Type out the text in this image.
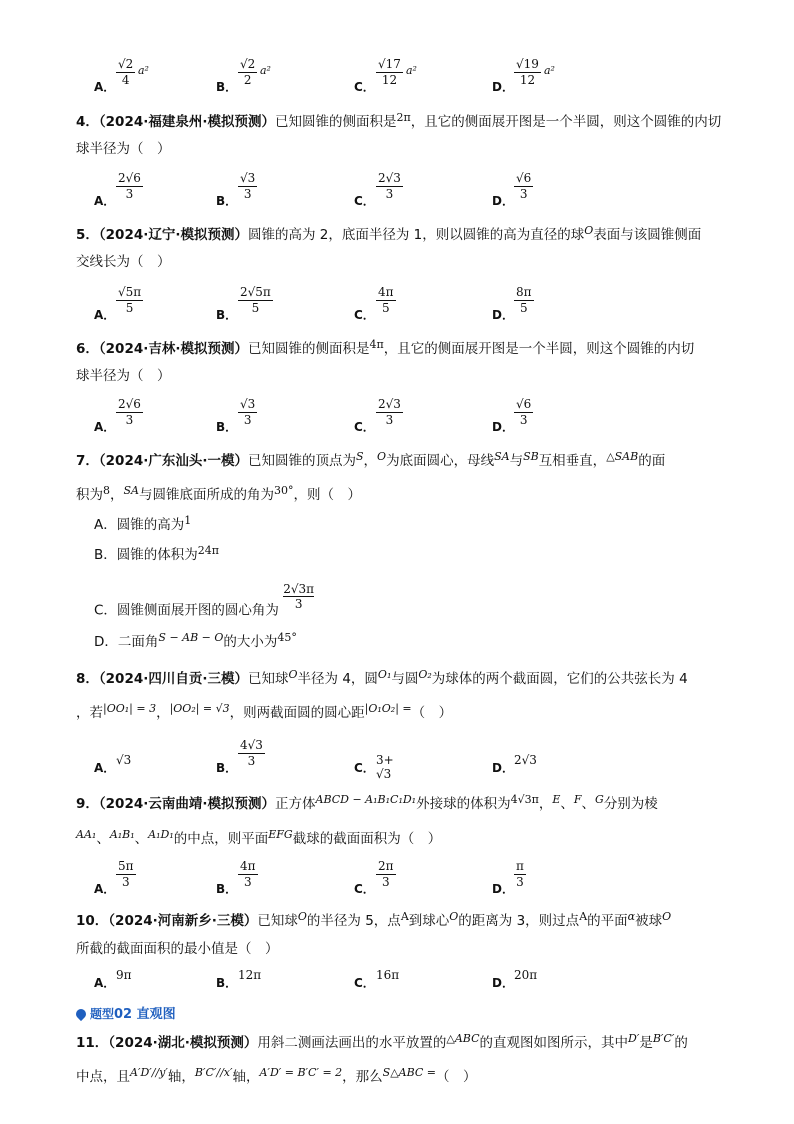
A． $\frac{√2}{4} a^2$
B． $\frac{√2}{2} a^2$
C． $\frac{√17}{12} a^2$
D． $\frac{√19}{12} a^2$
4．（2024·福建泉州·模拟预测）已知圆锥的侧面积是$^{2\pi}$，且它的侧面展开图是一个半圆，则这个圆锥的内切
球半径为（　）
A． $\frac{2√6}{3}$	B． $\frac{√3}{3}$	C． $\frac{2√3}{3}$	D． $\frac{√6}{3}$
5．（2024·辽宁·模拟预测）圆锥的高为 2，底面半径为 1，则以圆锥的高为直径的球$^O$表面与该圆锥侧面
交线长为（　）
A． $\frac{√5\pi}{5}$	B． $\frac{2√5\pi}{5}$	C． $\frac{4\pi}{5}$	D． $\frac{8\pi}{5}$
6．（2024·吉林·模拟预测）已知圆锥的侧面积是$^{4\pi}$，且它的侧面展开图是一个半圆，则这个圆锥的内切
球半径为（　）
A． $\frac{2√6}{3}$	B． $\frac{√3}{3}$	C． $\frac{2√3}{3}$	D． $\frac{√6}{3}$
7．（2024·广东汕头·一模）已知圆锥的顶点为$^S$，$^O$为底面圆心，母线$^{SA}$与$^{SB}$互相垂直，$^{\triangle SAB}$的面
积为$^8$，$^{SA}$与圆锥底面所成的角为$^{30^\circ}$，则（　）
A．圆锥的高为$^1$
B．圆锥的体积为$^{24\pi}$
C．圆锥侧面展开图的圆心角为 $\frac{2√3\pi}{3}$
D．二面角$^{S - AB - O}$的大小为$^{45^\circ}$
8．（2024·四川自贡·三模）已知球$^O$半径为 4，圆$^{O_1}$与圆$^{O_2}$为球体的两个截面圆，它们的公共弦长为 4
，若$^{|OO_1| = 3}$，$^{|OO_2| = √3}$，则两截面圆的圆心距$^{|O_1O_2| =}$（　）
A．
√3
B． $\frac{4√3}{3}$	C．
3+ √3	D．
2√3
9．（2024·云南曲靖·模拟预测）正方体$^{ABCD - A_1B_1C_1D_1}$外接球的体积为$^{4√3\pi}$，$^E$、$^F$、$^G$分别为棱
$^{AA_1}$、$^{A_1B_1}$、$^{A_1D_1}$的中点，则平面$^{EFG}$截球的截面面积为（　）
A． $\frac{5\pi}{3}$	B． $\frac{4\pi}{3}$	C． $\frac{2\pi}{3}$	D． $\frac{\pi}{3}$
10．（2024·河南新乡·三模）已知球$^O$的半径为 5，点$^A$到球心$^O$的距离为 3，则过点$^A$的平面$^\alpha$被球$^O$
所截的截面面积的最小值是（　）
A．
9π
B．
12π
C．
16π
D．
20π
题型02 直观图
11．（2024·湖北·模拟预测）用斜二测画法画出的水平放置的$^{\triangle ABC}$的直观图如图所示，其中$^{D'}$是$^{B'C'}$的
中点，且$^{A'D'//y'}$轴，$^{B'C'//x'}$轴，$^{A'D' = B'C' = 2}$，那么$^{S\triangle ABC =}$（　）
